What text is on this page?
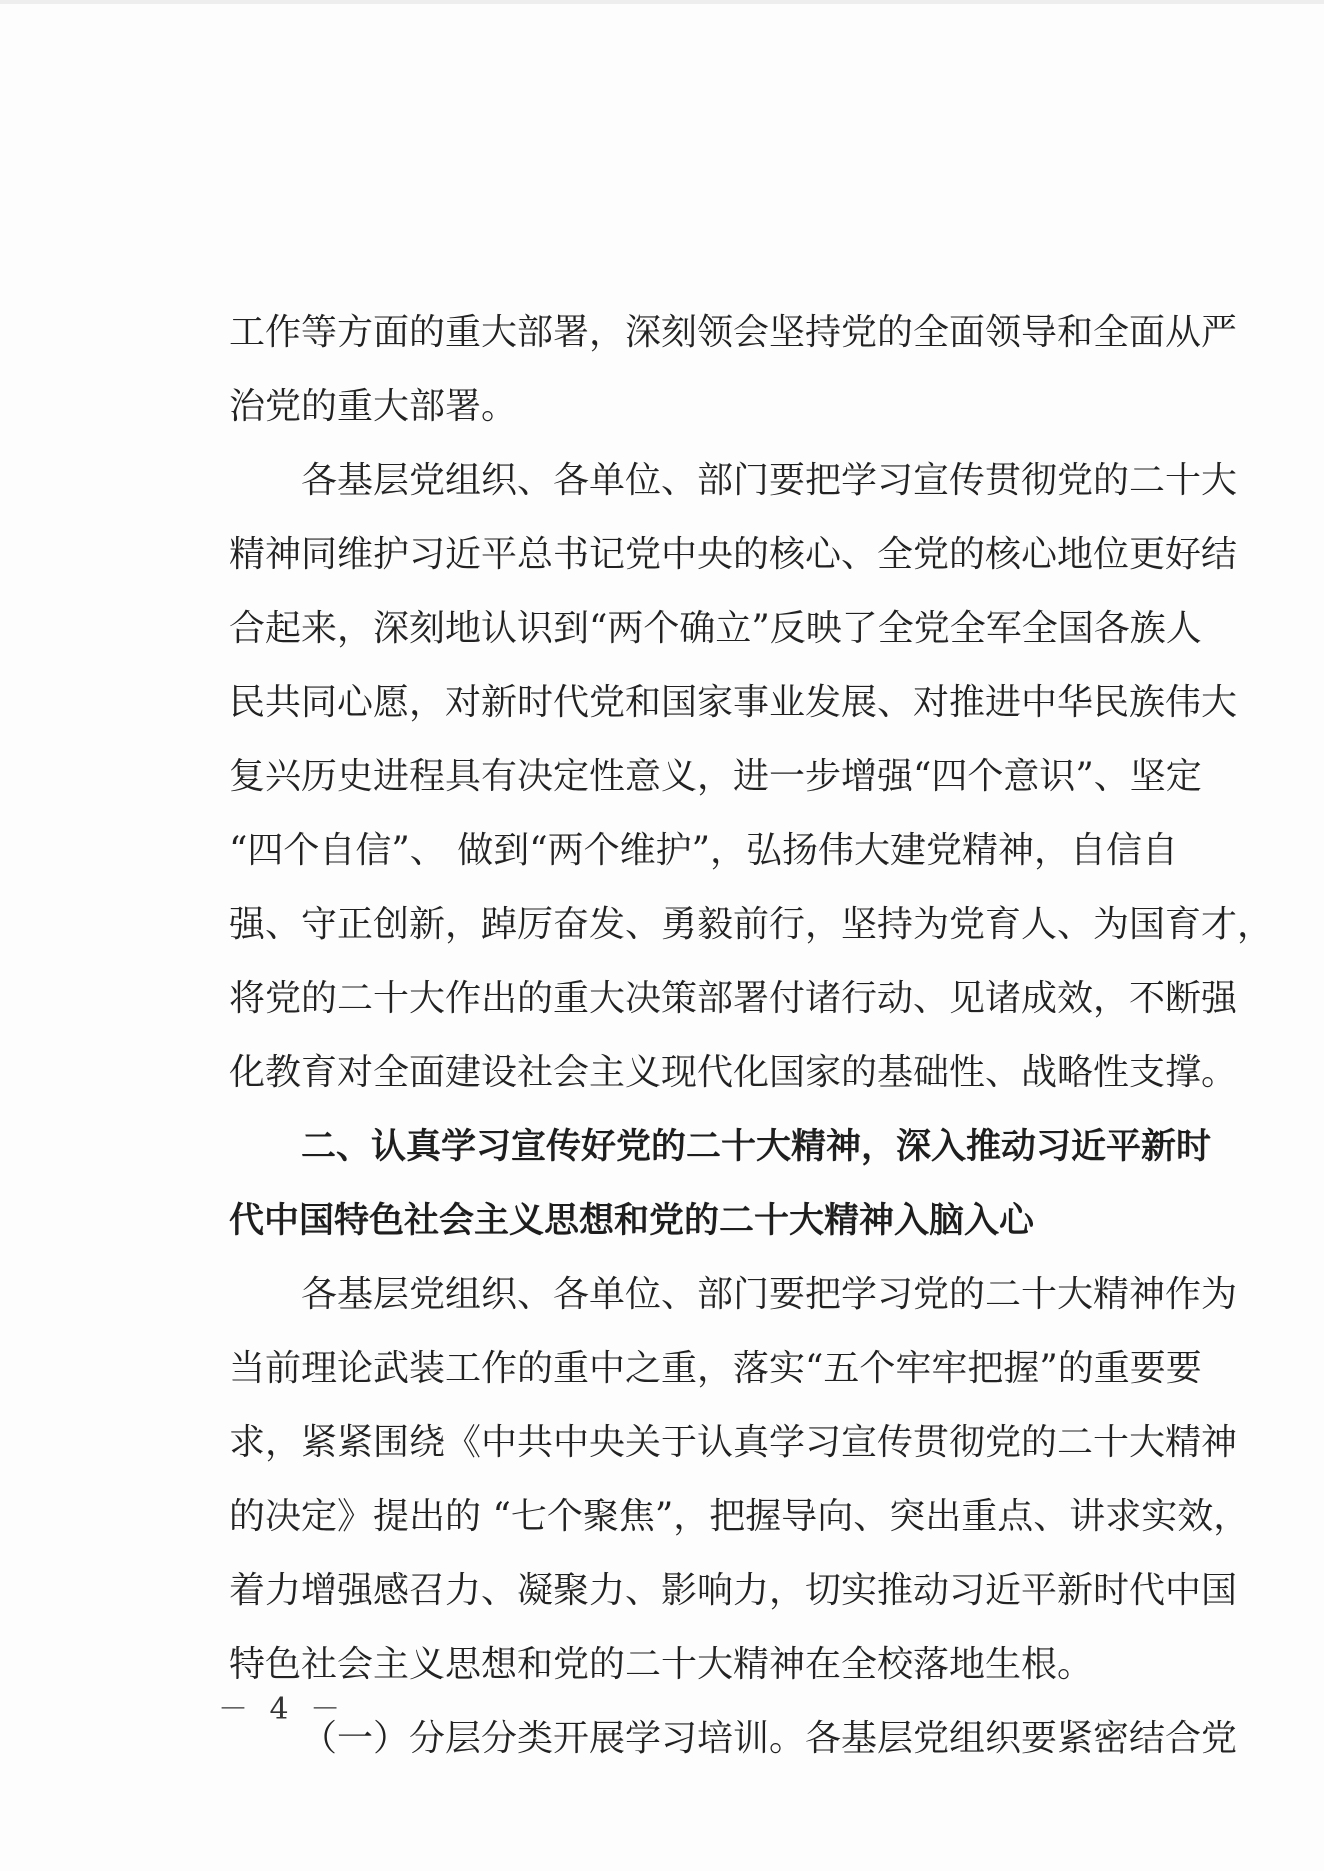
工作等方面的重大部署，深刻领会坚持党的全面领导和全面从严
治党的重大部署。
各基层党组织、各单位、部门要把学习宣传贯彻党的二十大
精神同维护习近平总书记党中央的核心、全党的核心地位更好结
合起来，深刻地认识到“两个确立”反映了全党全军全国各族人
民共同心愿，对新时代党和国家事业发展、对推进中华民族伟大
复兴历史进程具有决定性意义，进一步增强“四个意识”、坚定
“四个自信”、 做到“两个维护”，弘扬伟大建党精神，自信自
强、守正创新，踔厉奋发、勇毅前行，坚持为党育人、为国育才，
将党的二十大作出的重大决策部署付诸行动、见诸成效，不断强
化教育对全面建设社会主义现代化国家的基础性、战略性支撑。
二、认真学习宣传好党的二十大精神，深入推动习近平新时
代中国特色社会主义思想和党的二十大精神入脑入心
各基层党组织、各单位、部门要把学习党的二十大精神作为
当前理论武装工作的重中之重，落实“五个牢牢把握”的重要要
求，紧紧围绕《中共中央关于认真学习宣传贯彻党的二十大精神
的决定》提出的 “七个聚焦”，把握导向、突出重点、讲求实效，
着力增强感召力、凝聚力、影响力，切实推动习近平新时代中国
特色社会主义思想和党的二十大精神在全校落地生根。
（一）分层分类开展学习培训。各基层党组织要紧密结合党
－ 4 －
